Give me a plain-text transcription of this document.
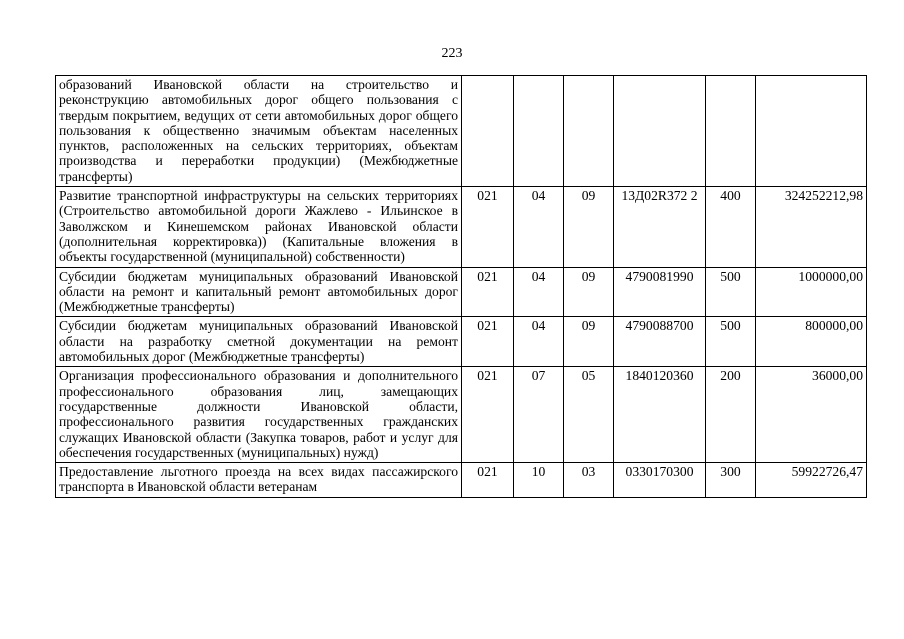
223
образований Ивановской области на строительство и реконструкцию автомобильных дорог общего пользования с твердым покрытием, ведущих от сети автомобильных дорог общего пользования к общественно значимым объектам населенных пунктов, расположенных на сельских территориях, объектам производства и переработки продукции) (Межбюджетные трансферты)						
Развитие транспортной инфраструктуры на сельских территориях (Строительство автомобильной дороги Жажлево - Ильинское в Заволжском и Кинешемском районах Ивановской области (дополнительная корректировка)) (Капитальные вложения в объекты государственной (муниципальной) собственности)	021	04	09	13Д02R372 2	400	324252212,98
Субсидии бюджетам муниципальных образований Ивановской области на ремонт и капитальный ремонт автомобильных дорог (Межбюджетные трансферты)	021	04	09	4790081990	500	1000000,00
Субсидии бюджетам муниципальных образований Ивановской области на разработку сметной документации на ремонт автомобильных дорог (Межбюджетные трансферты)	021	04	09	4790088700	500	800000,00
Организация профессионального образования и дополнительного профессионального образования лиц, замещающих государственные должности Ивановской области, профессионального развития государственных гражданских служащих Ивановской области (Закупка товаров, работ и услуг для обеспечения государственных (муниципальных) нужд)	021	07	05	1840120360	200	36000,00
Предоставление льготного проезда на всех видах пассажирского транспорта в Ивановской области ветеранам	021	10	03	0330170300	300	59922726,47
